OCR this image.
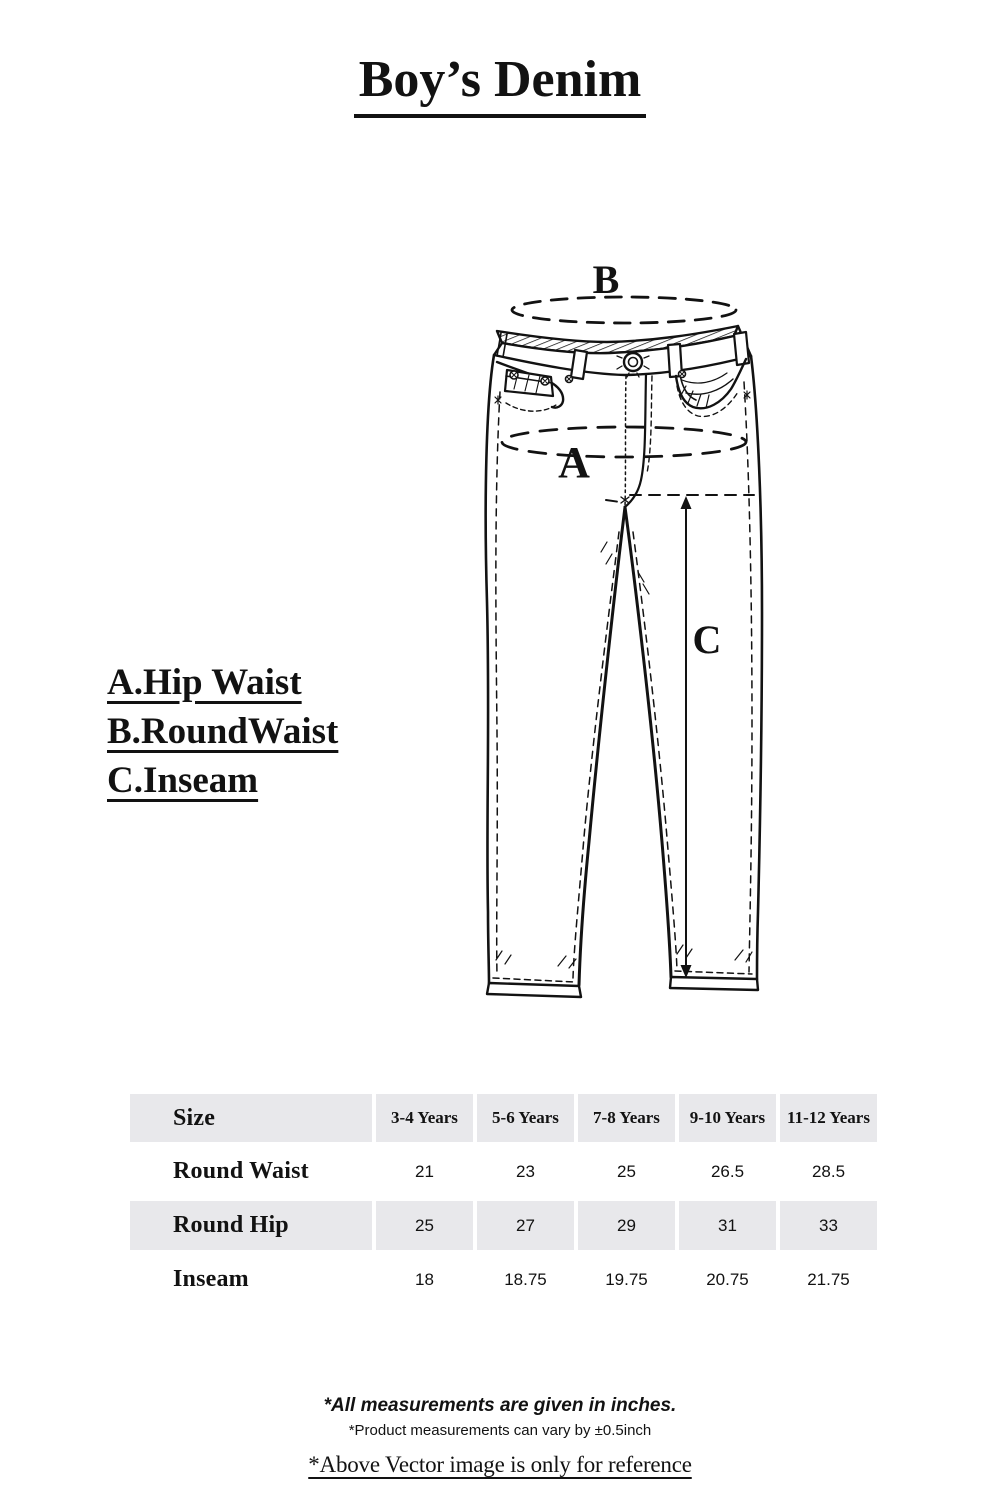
Boy’s Denim
A.Hip Waist
B.RoundWaist
C.Inseam
B
A
C
Size	3-4 Years	5-6 Years	7-8 Years	9-10 Years	11-12 Years
Round Waist	21	23	25	26.5	28.5
Round Hip	25	27	29	31	33
Inseam	18	18.75	19.75	20.75	21.75
*All measurements are given in inches.
*Product measurements can vary by ±0.5inch
*Above Vector image is only for reference
